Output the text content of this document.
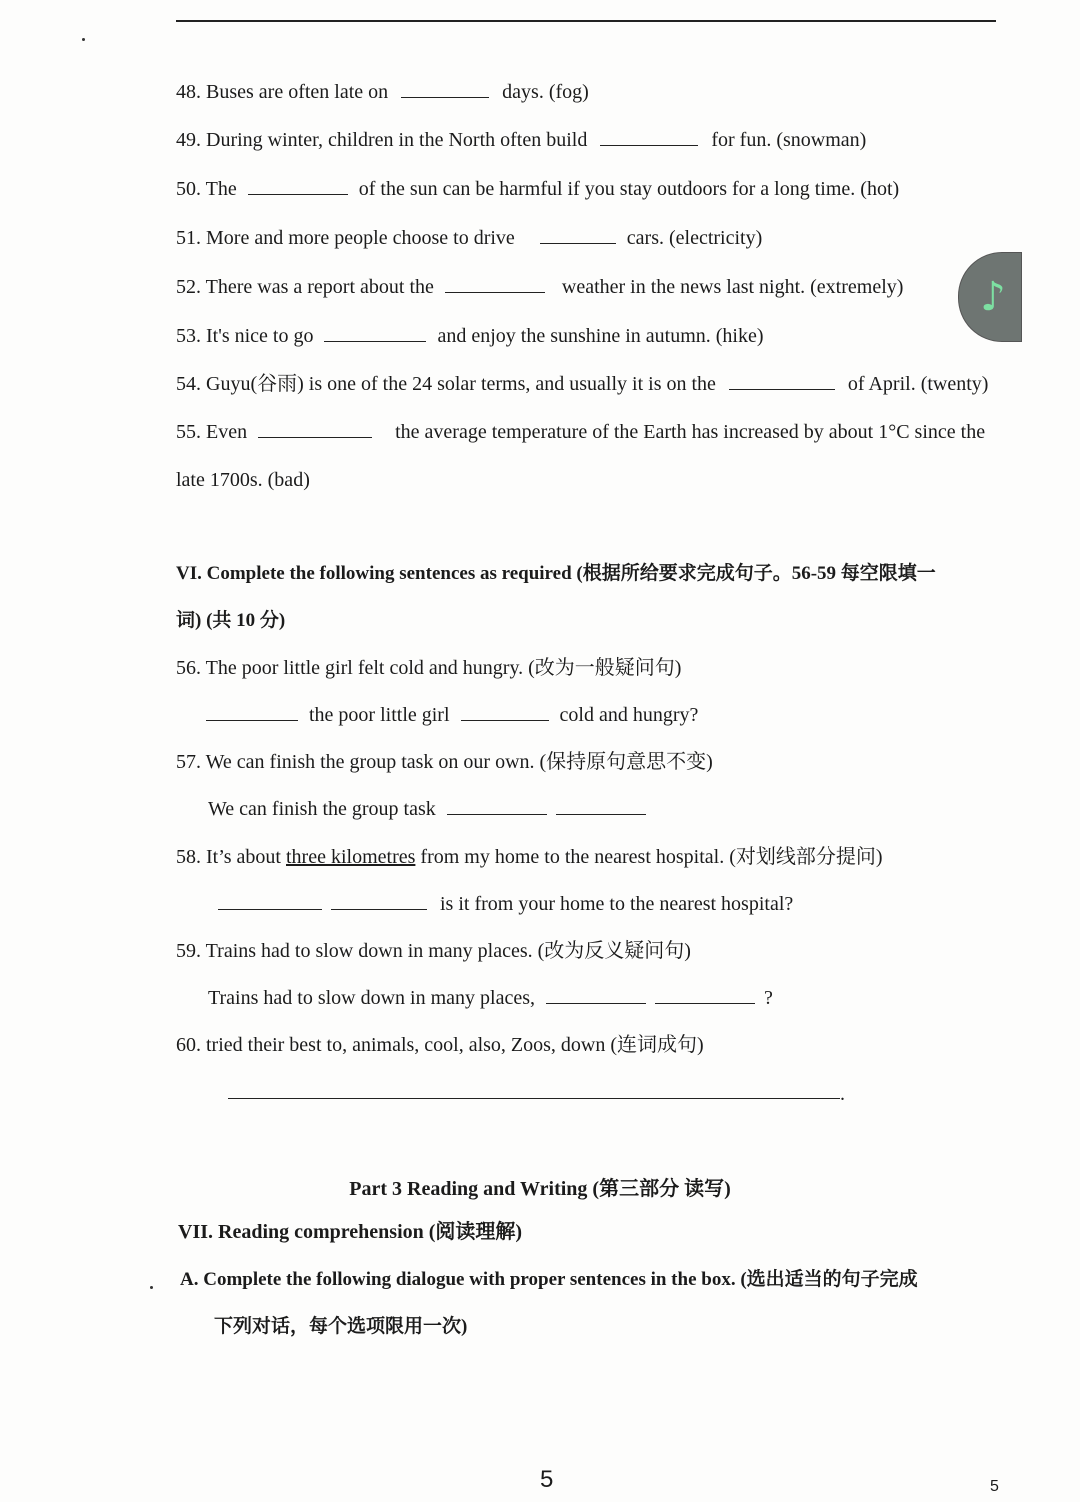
48. Buses are often late on	days. (fog)
49. During winter, children in the North often build	for fun. (snowman)
50. The	of the sun can be harmful if you stay outdoors for a long time. (hot)
51. More and more people choose to drive	cars. (electricity)
52. There was a report about the	weather in the news last night. (extremely)
53. It's nice to go	and enjoy the sunshine in autumn. (hike)
54. Guyu(谷雨) is one of the 24 solar terms, and usually it is on the	of April. (twenty)
55. Even	the average temperature of the Earth has increased by about 1°C since the
late 1700s. (bad)
♪
VI. Complete the following sentences as required (根据所给要求完成句子。56-59 每空限填一
词) (共 10 分)
56. The poor little girl felt cold and hungry. (改为一般疑问句)
the poor little girl	cold and hungry?
57. We can finish the group task on our own. (保持原句意思不变)
We can finish the group task
58. It’s about three kilometres from my home to the nearest hospital. (对划线部分提问)
is it from your home to the nearest hospital?
59. Trains had to slow down in many places. (改为反义疑问句)
Trains had to slow down in many places,	?
60. tried their best to, animals, cool, also, Zoos, down (连词成句)
.
Part 3 Reading and Writing (第三部分 读写)
VII. Reading comprehension (阅读理解)
A. Complete the following dialogue with proper sentences in the box. (选出适当的句子完成
下列对话，每个选项限用一次)
5	5
